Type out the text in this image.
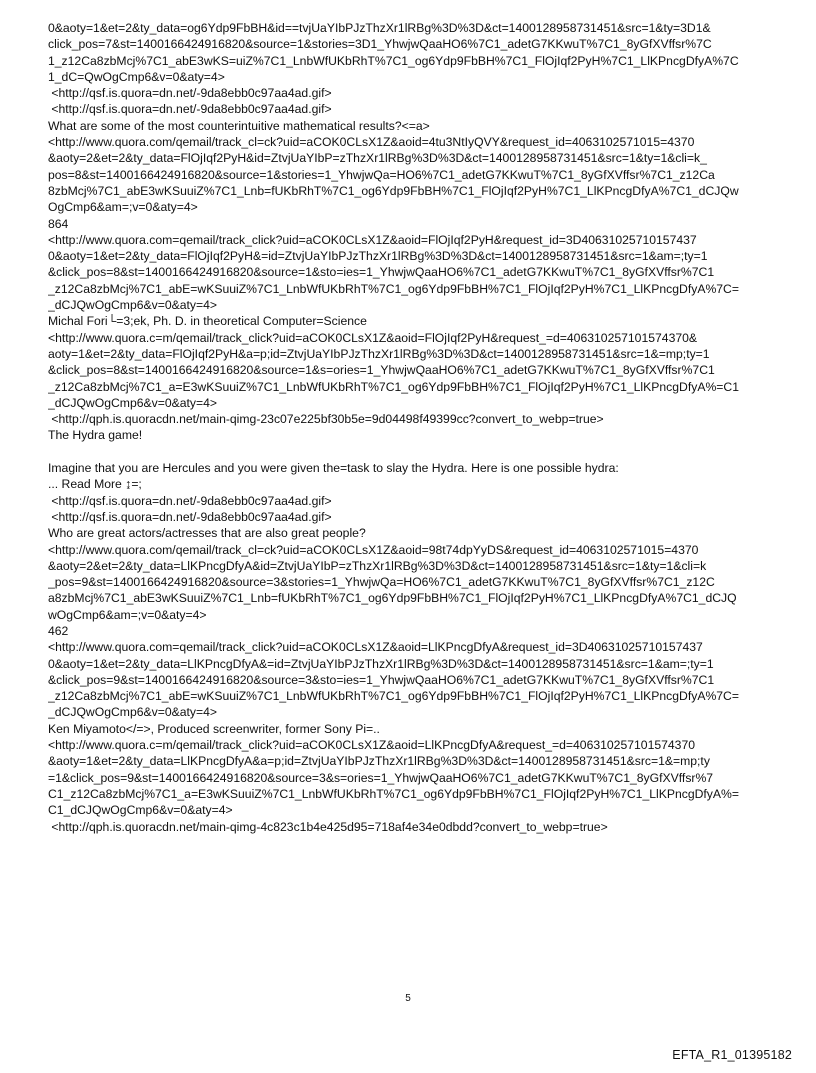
0&aoty=1&et=2&ty_data=og6Ydp9FbBH&id==tvjUaYIbPJzThzXr1lRBg%3D%3D&ct=1400128958731451&src=1&ty=3D1&
click_pos=7&st=1400166424916820&source=1&stories=3D1_YhwjwQaaHO6%7C1_adetG7KKwuT%7C1_8yGfXVffsr%7C
1_z12Ca8zbMcj%7C1_abE3wKS=uiZ%7C1_LnbWfUKbRhT%7C1_og6Ydp9FbBH%7C1_FlOjIqf2PyH%7C1_LlKPncgDfyA%7C
1_dC=QwOgCmp6&v=0&aty=4>
<http://qsf.is.quora=dn.net/-9da8ebb0c97aa4ad.gif>
<http://qsf.is.quora=dn.net/-9da8ebb0c97aa4ad.gif>
What are some of the most counterintuitive mathematical results?<=a>
<http://www.quora.com/qemail/track_cl=ck?uid=aCOK0CLsX1Z&aoid=4tu3NtIyQVY&request_id=4063102571015=4370
&aoty=2&et=2&ty_data=FlOjIqf2PyH&id=ZtvjUaYIbP=zThzXr1lRBg%3D%3D&ct=1400128958731451&src=1&ty=1&cli=k_
pos=8&st=1400166424916820&source=1&stories=1_YhwjwQa=HO6%7C1_adetG7KKwuT%7C1_8yGfXVffsr%7C1_z12Ca
8zbMcj%7C1_abE3wKSuuiZ%7C1_Lnb=fUKbRhT%7C1_og6Ydp9FbBH%7C1_FlOjIqf2PyH%7C1_LlKPncgDfyA%7C1_dCJQw
OgCmp6&am=;v=0&aty=4>
864
<http://www.quora.com=qemail/track_click?uid=aCOK0CLsX1Z&aoid=FlOjIqf2PyH&request_id=3D40631025710157437
0&aoty=1&et=2&ty_data=FlOjIqf2PyH&=id=ZtvjUaYIbPJzThzXr1lRBg%3D%3D&ct=1400128958731451&src=1&am=;ty=1
&click_pos=8&st=1400166424916820&source=1&sto=ies=1_YhwjwQaaHO6%7C1_adetG7KKwuT%7C1_8yGfXVffsr%7C1
_z12Ca8zbMcj%7C1_abE=wKSuuiZ%7C1_LnbWfUKbRhT%7C1_og6Ydp9FbBH%7C1_FlOjIqf2PyH%7C1_LlKPncgDfyA%7C=
_dCJQwOgCmp6&v=0&aty=4>
Michal Fori└=3;ek, Ph. D. in theoretical Computer=Science
<http://www.quora.c=m/qemail/track_click?uid=aCOK0CLsX1Z&aoid=FlOjIqf2PyH&request_=d=406310257101574370&
aoty=1&et=2&ty_data=FlOjIqf2PyH&a=p;id=ZtvjUaYIbPJzThzXr1lRBg%3D%3D&ct=1400128958731451&src=1&=mp;ty=1
&click_pos=8&st=1400166424916820&source=1&s=ories=1_YhwjwQaaHO6%7C1_adetG7KKwuT%7C1_8yGfXVffsr%7C1
_z12Ca8zbMcj%7C1_a=E3wKSuuiZ%7C1_LnbWfUKbRhT%7C1_og6Ydp9FbBH%7C1_FlOjIqf2PyH%7C1_LlKPncgDfyA%=C1
_dCJQwOgCmp6&v=0&aty=4>
<http://qph.is.quoracdn.net/main-qimg-23c07e225bf30b5e=9d04498f49399cc?convert_to_webp=true>
The Hydra game!
Imagine that you are Hercules and you were given the=task to slay the Hydra. Here is one possible hydra:
... Read More ↨=;
<http://qsf.is.quora=dn.net/-9da8ebb0c97aa4ad.gif>
<http://qsf.is.quora=dn.net/-9da8ebb0c97aa4ad.gif>
Who are great actors/actresses that are also great people?
<http://www.quora.com/qemail/track_cl=ck?uid=aCOK0CLsX1Z&aoid=98t74dpYyDS&request_id=4063102571015=4370
&aoty=2&et=2&ty_data=LlKPncgDfyA&id=ZtvjUaYIbP=zThzXr1lRBg%3D%3D&ct=1400128958731451&src=1&ty=1&cli=k
_pos=9&st=1400166424916820&source=3&stories=1_YhwjwQa=HO6%7C1_adetG7KKwuT%7C1_8yGfXVffsr%7C1_z12C
a8zbMcj%7C1_abE3wKSuuiZ%7C1_Lnb=fUKbRhT%7C1_og6Ydp9FbBH%7C1_FlOjIqf2PyH%7C1_LlKPncgDfyA%7C1_dCJQ
wOgCmp6&am=;v=0&aty=4>
462
<http://www.quora.com=qemail/track_click?uid=aCOK0CLsX1Z&aoid=LlKPncgDfyA&request_id=3D40631025710157437
0&aoty=1&et=2&ty_data=LlKPncgDfyA&=id=ZtvjUaYIbPJzThzXr1lRBg%3D%3D&ct=1400128958731451&src=1&am=;ty=1
&click_pos=9&st=1400166424916820&source=3&sto=ies=1_YhwjwQaaHO6%7C1_adetG7KKwuT%7C1_8yGfXVffsr%7C1
_z12Ca8zbMcj%7C1_abE=wKSuuiZ%7C1_LnbWfUKbRhT%7C1_og6Ydp9FbBH%7C1_FlOjIqf2PyH%7C1_LlKPncgDfyA%7C=
_dCJQwOgCmp6&v=0&aty=4>
Ken Miyamoto</=>, Produced screenwriter, former Sony Pi=..
<http://www.quora.c=m/qemail/track_click?uid=aCOK0CLsX1Z&aoid=LlKPncgDfyA&request_=d=406310257101574370
&aoty=1&et=2&ty_data=LlKPncgDfyA&a=p;id=ZtvjUaYIbPJzThzXr1lRBg%3D%3D&ct=1400128958731451&src=1&=mp;ty
=1&click_pos=9&st=1400166424916820&source=3&s=ories=1_YhwjwQaaHO6%7C1_adetG7KKwuT%7C1_8yGfXVffsr%7
C1_z12Ca8zbMcj%7C1_a=E3wKSuuiZ%7C1_LnbWfUKbRhT%7C1_og6Ydp9FbBH%7C1_FlOjIqf2PyH%7C1_LlKPncgDfyA%=
C1_dCJQwOgCmp6&v=0&aty=4>
<http://qph.is.quoracdn.net/main-qimg-4c823c1b4e425d95=718af4e34e0dbdd?convert_to_webp=true>
5
EFTA_R1_01395182
